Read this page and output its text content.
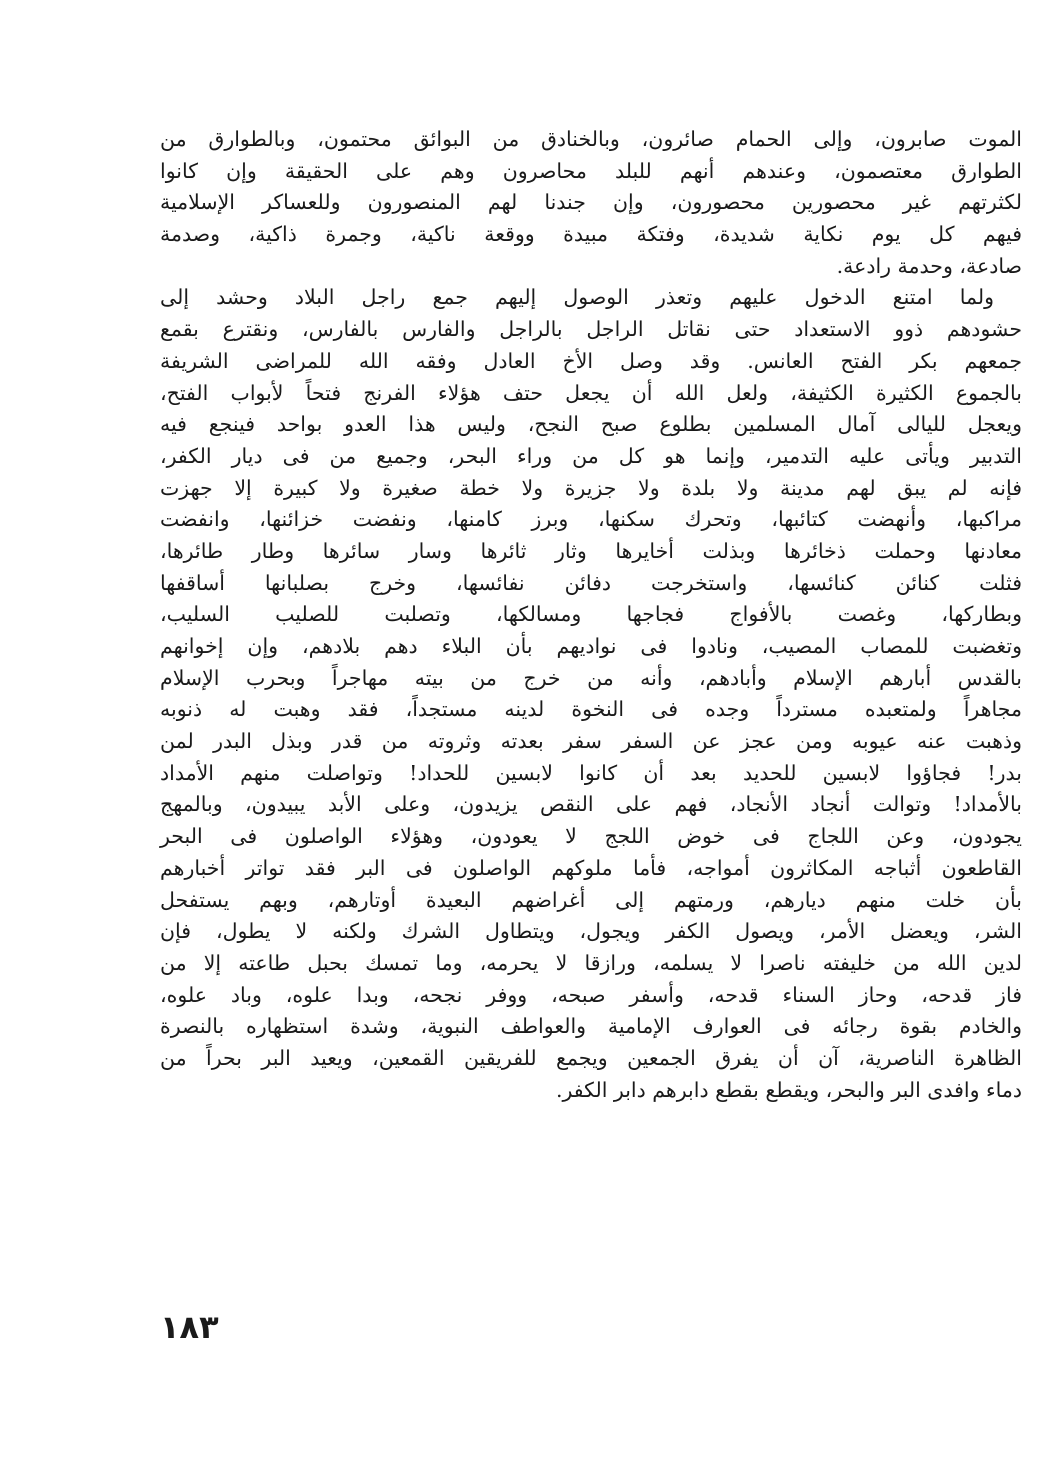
الموت صابرون، وإلى الحمام صائرون، وبالخنادق من البوائق محتمون، وبالطوارق من
الطوارق معتصمون، وعندهم أنهم للبلد محاصرون وهم على الحقيقة وإن كانوا
لكثرتهم غير محصورين محصورون، وإن جندنا لهم المنصورون وللعساكر الإسلامية
فيهم كل يوم نكاية شديدة، وفتكة مبيدة ووقعة ناكية، وجمرة ذاكية، وصدمة
صادعة، وحدمة رادعة.
ولما امتنع الدخول عليهم وتعذر الوصول إليهم جمع راجل البلاد وحشد إلى
حشودهم ذوو الاستعداد حتى نقاتل الراجل بالراجل والفارس بالفارس، ونقترع بقمع
جمعهم بكر الفتح العانس. وقد وصل الأخ العادل وفقه الله للمراضى الشريفة
بالجموع الكثيرة الكثيفة، ولعل الله أن يجعل حتف هؤلاء الفرنج فتحاً لأبواب الفتح،
ويعجل لليالى آمال المسلمين بطلوع صبح النجح، وليس هذا العدو بواحد فينجع فيه
التدبير ويأتى عليه التدمير، وإنما هو كل من وراء البحر، وجميع من فى ديار الكفر،
فإنه لم يبق لهم مدينة ولا بلدة ولا جزيرة ولا خطة صغيرة ولا كبيرة إلا جهزت
مراكبها، وأنهضت كتائبها، وتحرك سكنها، وبرز كامنها، ونفضت خزائنها، وانفضت
معادنها وحملت ذخائرها وبذلت أخايرها وثار ثائرها وسار سائرها وطار طائرها،
فثلت كنائن كنائسها، واستخرجت دفائن نفائسها، وخرج بصلبانها أساقفها
وبطاركها، وغصت بالأفواج فجاجها ومسالكها، وتصلبت للصليب السليب،
وتغضبت للمصاب المصيب، ونادوا فى نواديهم بأن البلاء دهم بلادهم، وإن إخوانهم
بالقدس أبارهم الإسلام وأبادهم، وأنه من خرج من بيته مهاجراً وبحرب الإسلام
مجاهراً ولمتعبده مسترداً وجده فى النخوة لدينه مستجداً، فقد وهبت له ذنوبه
وذهبت عنه عيوبه ومن عجز عن السفر سفر بعدته وثروته من قدر وبذل البدر لمن
بدر! فجاؤوا لابسين للحديد بعد أن كانوا لابسين للحداد! وتواصلت منهم الأمداد
بالأمداد! وتوالت أنجاد الأنجاد، فهم على النقص يزيدون، وعلى الأبد يبيدون، وبالمهج
يجودون، وعن اللجاج فى خوض اللجج لا يعودون، وهؤلاء الواصلون فى البحر
القاطعون أثباجه المكاثرون أمواجه، فأما ملوكهم الواصلون فى البر فقد تواتر أخبارهم
بأن خلت منهم ديارهم، ورمتهم إلى أغراضهم البعيدة أوتارهم، وبهم يستفحل
الشر، ويعضل الأمر، ويصول الكفر ويجول، ويتطاول الشرك ولكنه لا يطول، فإن
لدين الله من خليفته ناصرا لا يسلمه، ورازقا لا يحرمه، وما تمسك بحبل طاعته إلا من
فاز قدحه، وحاز السناء قدحه، وأسفر صبحه، ووفر نجحه، وبدا علوه، وباد علوه،
والخادم بقوة رجائه فى العوارف الإمامية والعواطف النبوية، وشدة استظهاره بالنصرة
الظاهرة الناصرية، آن أن يفرق الجمعين ويجمع للفريقين القمعين، ويعيد البر بحراً من
دماء وافدى البر والبحر، ويقطع بقطع دابرهم دابر الكفر.
١٨٣
